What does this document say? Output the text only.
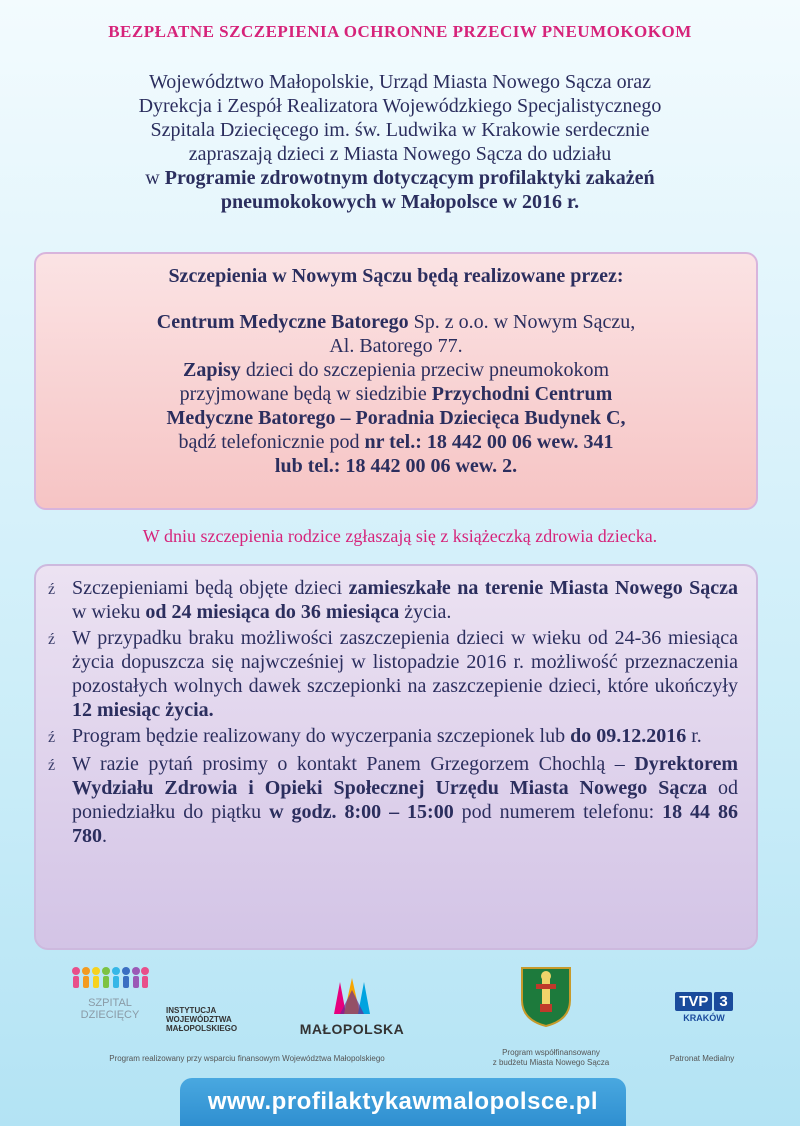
BEZPŁATNE SZCZEPIENIA OCHRONNE PRZECIW PNEUMOKOKOM
Województwo Małopolskie, Urząd Miasta Nowego Sącza oraz
Dyrekcja i Zespół Realizatora Wojewódzkiego Specjalistycznego
Szpitala Dziecięcego im. św. Ludwika w Krakowie serdecznie
zapraszają dzieci z Miasta Nowego Sącza do udziału
w Programie zdrowotnym dotyczącym profilaktyki zakażeń
pneumokokowych w Małopolsce w 2016 r.
Szczepienia w Nowym Sączu będą realizowane przez:
Centrum Medyczne Batorego Sp. z o.o. w Nowym Sączu,
Al. Batorego 77.
Zapisy dzieci do szczepienia przeciw pneumokokom
przyjmowane będą w siedzibie Przychodni Centrum
Medyczne Batorego – Poradnia Dziecięca Budynek C,
bądź telefonicznie pod nr tel.: 18 442 00 06 wew. 341
lub tel.: 18 442 00 06 wew. 2.
W dniu szczepienia rodzice zgłaszają się z książeczką zdrowia dziecka.
ź Szczepieniami będą objęte dzieci zamieszkałe na terenie Miasta Nowego Sącza w wieku od 24 miesiąca do 36 miesiąca życia.
ź W przypadku braku możliwości zaszczepienia dzieci w wieku od 24-36 miesiąca życia dopuszcza się najwcześniej w listopadzie 2016 r. możliwość przeznaczenia pozostałych wolnych dawek szczepionki na zaszczepienie dzieci, które ukończyły 12 miesiąc życia.
ź Program będzie realizowany do wyczerpania szczepionek lub do 09.12.2016 r.
ź W razie pytań prosimy o kontakt Panem Grzegorzem Chochlą – Dyrektorem Wydziału Zdrowia i Opieki Społecznej Urzędu Miasta Nowego Sącza od poniedziałku do piątku w godz. 8:00 – 15:00 pod numerem telefonu: 18 44 86 780.
SZPITAL
DZIECIĘCY	INSTYTUCJA
WOJEWÓDZTWA
MAŁOPOLSKIEGO	MAŁOPOLSKA
TVP 3
KRAKÓW
Program realizowany przy wsparciu finansowym Województwa Małopolskiego
Program współfinansowany
z budżetu Miasta Nowego Sącza	Patronat Medialny
www.profilaktykawmalopolsce.pl
